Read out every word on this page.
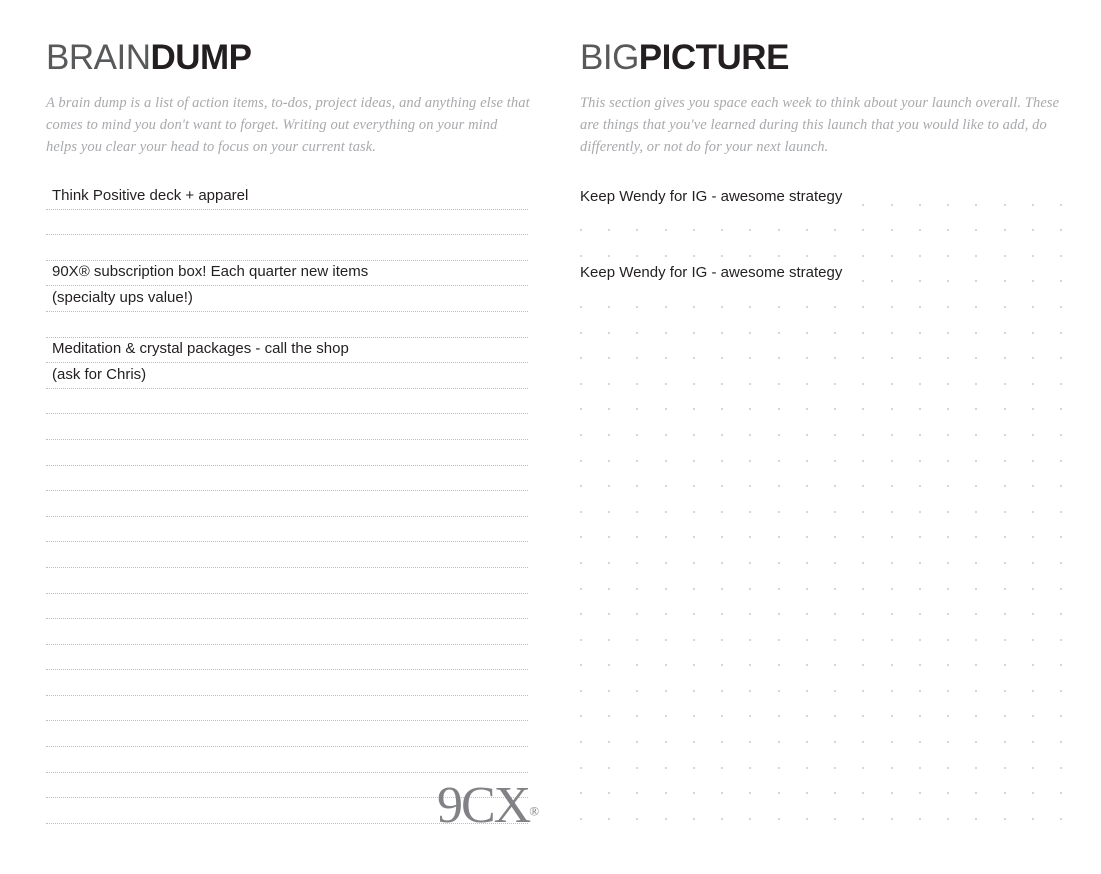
BRAINDUMP

A brain dump is a list of action items, to-dos, project ideas, and anything else that comes to mind you don't want to forget. Writing out everything on your mind helps you clear your head to focus on your current task.

Think Positive deck + apparel
90X® subscription box! Each quarter new items
(specialty ups value!)
Meditation & crystal packages - call the shop
(ask for Chris)
9CX®
BIGPICTURE

This section gives you space each week to think about your launch overall. These are things that you've learned during this launch that you would like to add, do differently, or not do for your next launch.

Keep Wendy for IG - awesome strategy
Keep Wendy for IG - awesome strategy
